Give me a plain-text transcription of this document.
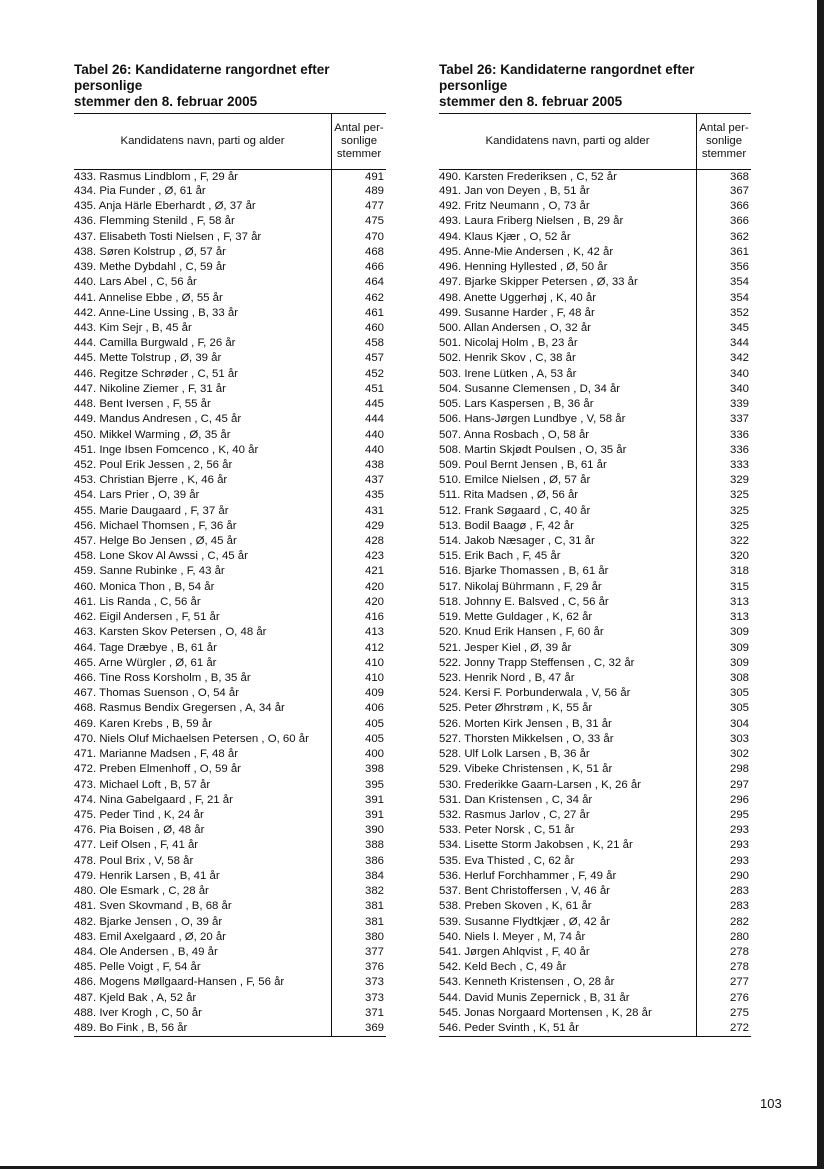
Tabel 26: Kandidaterne rangordnet efter personlige
stemmer den 8. februar 2005
Kandidatens navn, parti og alder	Antal per-
sonlige
stemmer
433. Rasmus Lindblom , F, 29 år	491
434. Pia Funder , Ø, 61 år	489
435. Anja Härle Eberhardt , Ø, 37 år	477
436. Flemming Stenild , F, 58 år	475
437. Elisabeth Tosti Nielsen , F, 37 år	470
438. Søren Kolstrup , Ø, 57 år	468
439. Methe Dybdahl , C, 59 år	466
440. Lars Abel , C, 56 år	464
441. Annelise Ebbe , Ø, 55 år	462
442. Anne-Line Ussing , B, 33 år	461
443. Kim Sejr , B, 45 år	460
444. Camilla Burgwald , F, 26 år	458
445. Mette Tolstrup , Ø, 39 år	457
446. Regitze Schrøder , C, 51 år	452
447. Nikoline Ziemer , F, 31 år	451
448. Bent Iversen , F, 55 år	445
449. Mandus Andresen , C, 45 år	444
450. Mikkel Warming , Ø, 35 år	440
451. Inge Ibsen Fomcenco , K, 40 år	440
452. Poul Erik Jessen , 2, 56 år	438
453. Christian Bjerre , K, 46 år	437
454. Lars Prier , O, 39 år	435
455. Marie Daugaard , F, 37 år	431
456. Michael Thomsen , F, 36 år	429
457. Helge Bo Jensen , Ø, 45 år	428
458. Lone Skov Al Awssi , C, 45 år	423
459. Sanne Rubinke , F, 43 år	421
460. Monica Thon , B, 54 år	420
461. Lis Randa , C, 56 år	420
462. Eigil Andersen , F, 51 år	416
463. Karsten Skov Petersen , O, 48 år	413
464. Tage Dræbye , B, 61 år	412
465. Arne Würgler , Ø, 61 år	410
466. Tine Ross Korsholm , B, 35 år	410
467. Thomas Suenson , O, 54 år	409
468. Rasmus Bendix Gregersen , A, 34 år	406
469. Karen Krebs , B, 59 år	405
470. Niels Oluf Michaelsen Petersen , O, 60 år	405
471. Marianne Madsen , F, 48 år	400
472. Preben Elmenhoff , O, 59 år	398
473. Michael Loft , B, 57 år	395
474. Nina Gabelgaard , F, 21 år	391
475. Peder Tind , K, 24 år	391
476. Pia Boisen , Ø, 48 år	390
477. Leif Olsen , F, 41 år	388
478. Poul Brix , V, 58 år	386
479. Henrik Larsen , B, 41 år	384
480. Ole Esmark , C, 28 år	382
481. Sven Skovmand , B, 68 år	381
482. Bjarke Jensen , O, 39 år	381
483. Emil Axelgaard , Ø, 20 år	380
484. Ole Andersen , B, 49 år	377
485. Pelle Voigt , F, 54 år	376
486. Mogens Møllgaard-Hansen , F, 56 år	373
487. Kjeld Bak , A, 52 år	373
488. Iver Krogh , C, 50 år	371
489. Bo Fink , B, 56 år	369
Tabel 26: Kandidaterne rangordnet efter personlige
stemmer den 8. februar 2005
Kandidatens navn, parti og alder	Antal per-
sonlige
stemmer
490. Karsten Frederiksen , C, 52 år	368
491. Jan von Deyen , B, 51 år	367
492. Fritz Neumann , O, 73 år	366
493. Laura Friberg Nielsen , B, 29 år	366
494. Klaus Kjær , O, 52 år	362
495. Anne-Mie Andersen , K, 42 år	361
496. Henning Hyllested , Ø, 50 år	356
497. Bjarke Skipper Petersen , Ø, 33 år	354
498. Anette Uggerhøj , K, 40 år	354
499. Susanne Harder , F, 48 år	352
500. Allan Andersen , O, 32 år	345
501. Nicolaj Holm , B, 23 år	344
502. Henrik Skov , C, 38 år	342
503. Irene Lütken , A, 53 år	340
504. Susanne Clemensen , D, 34 år	340
505. Lars Kaspersen , B, 36 år	339
506. Hans-Jørgen Lundbye , V, 58 år	337
507. Anna Rosbach , O, 58 år	336
508. Martin Skjødt Poulsen , O, 35 år	336
509. Poul Bernt Jensen , B, 61 år	333
510. Emilce Nielsen , Ø, 57 år	329
511. Rita Madsen , Ø, 56 år	325
512. Frank Søgaard , C, 40 år	325
513. Bodil Baagø , F, 42 år	325
514. Jakob Næsager , C, 31 år	322
515. Erik Bach , F, 45 år	320
516. Bjarke Thomassen , B, 61 år	318
517. Nikolaj Bührmann , F, 29 år	315
518. Johnny E. Balsved , C, 56 år	313
519. Mette Guldager , K, 62 år	313
520. Knud Erik Hansen , F, 60 år	309
521. Jesper Kiel , Ø, 39 år	309
522. Jonny Trapp Steffensen , C, 32 år	309
523. Henrik Nord , B, 47 år	308
524. Kersi F. Porbunderwala , V, 56 år	305
525. Peter Øhrstrøm , K, 55 år	305
526. Morten Kirk Jensen , B, 31 år	304
527. Thorsten Mikkelsen , O, 33 år	303
528. Ulf Lolk Larsen , B, 36 år	302
529. Vibeke Christensen , K, 51 år	298
530. Frederikke Gaarn-Larsen , K, 26 år	297
531. Dan Kristensen , C, 34 år	296
532. Rasmus Jarlov , C, 27 år	295
533. Peter Norsk , C, 51 år	293
534. Lisette Storm Jakobsen , K, 21 år	293
535. Eva Thisted , C, 62 år	293
536. Herluf Forchhammer , F, 49 år	290
537. Bent Christoffersen , V, 46 år	283
538. Preben Skoven , K, 61 år	283
539. Susanne Flydtkjær , Ø, 42 år	282
540. Niels I. Meyer , M, 74 år	280
541. Jørgen Ahlqvist , F, 40 år	278
542. Keld Bech , C, 49 år	278
543. Kenneth Kristensen , O, 28 år	277
544. David Munis Zepernick , B, 31 år	276
545. Jonas Norgaard Mortensen , K, 28 år	275
546. Peder Svinth , K, 51 år	272
103
